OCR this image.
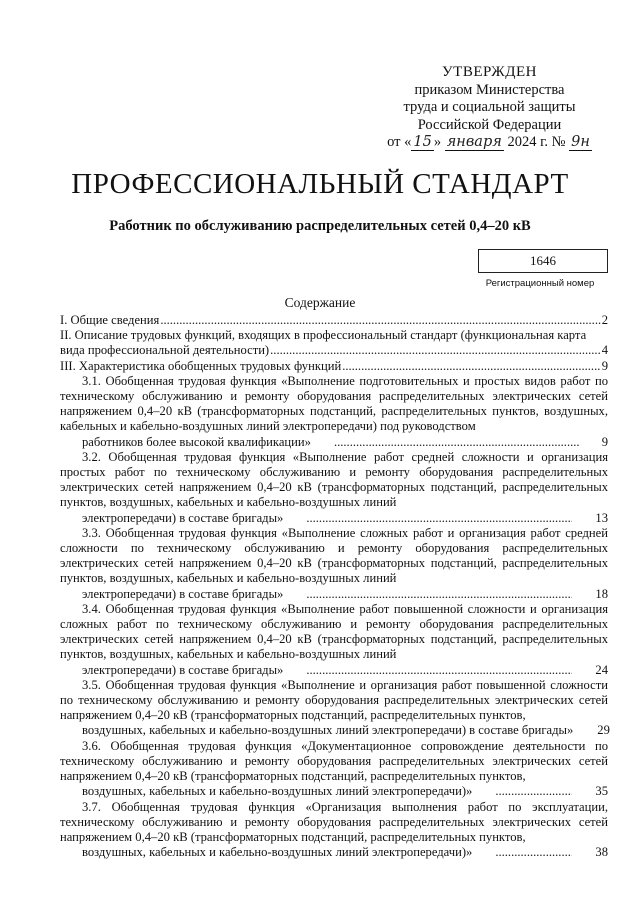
УТВЕРЖДЕН
приказом Министерства
труда и социальной защиты
Российской Федерации
от « 15 » января 2024 г. № 9н
ПРОФЕССИОНАЛЬНЫЙ СТАНДАРТ
Работник по обслуживанию распределительных сетей 0,4–20 кВ
1646
Регистрационный номер
Содержание
I. Общие сведения .....	2
II. Описание трудовых функций, входящих в профессиональный стандарт (функциональная карта
вида профессиональной деятельности) .....	4
III. Характеристика обобщенных трудовых функций .....	9
3.1. Обобщенная трудовая функция «Выполнение подготовительных и простых видов работ по техническому обслуживанию и ремонту оборудования распределительных электрических сетей напряжением 0,4–20 кВ (трансформаторных подстанций, распределительных пунктов, воздушных, кабельных и кабельно-воздушных линий электропередачи) под руководством
работников более высокой квалификации» .....	9
3.2. Обобщенная трудовая функция «Выполнение работ средней сложности и организация простых работ по техническому обслуживанию и ремонту оборудования распределительных электрических сетей напряжением 0,4–20 кВ (трансформаторных подстанций, распределительных пунктов, воздушных, кабельных и кабельно-воздушных линий
электропередачи) в составе бригады» .....	13
3.3. Обобщенная трудовая функция «Выполнение сложных работ и организация работ средней сложности по техническому обслуживанию и ремонту оборудования распределительных электрических сетей напряжением 0,4–20 кВ (трансформаторных подстанций, распределительных пунктов, воздушных, кабельных и кабельно-воздушных линий
электропередачи) в составе бригады» .....	18
3.4. Обобщенная трудовая функция «Выполнение работ повышенной сложности и организация сложных работ по техническому обслуживанию и ремонту оборудования распределительных электрических сетей напряжением 0,4–20 кВ (трансформаторных подстанций, распределительных пунктов, воздушных, кабельных и кабельно-воздушных линий
электропередачи) в составе бригады» .....	24
3.5. Обобщенная трудовая функция «Выполнение и организация работ повышенной сложности по техническому обслуживанию и ремонту оборудования распределительных электрических сетей напряжением 0,4–20 кВ (трансформаторных подстанций, распределительных пунктов,
воздушных, кабельных и кабельно-воздушных линий электропередачи) в составе бригады»	29
3.6. Обобщенная трудовая функция «Документационное сопровождение деятельности по техническому обслуживанию и ремонту оборудования распределительных электрических сетей напряжением 0,4–20 кВ (трансформаторных подстанций, распределительных пунктов,
воздушных, кабельных и кабельно-воздушных линий электропередачи)» .....	35
3.7. Обобщенная трудовая функция «Организация выполнения работ по эксплуатации, техническому обслуживанию и ремонту оборудования распределительных электрических сетей напряжением 0,4–20 кВ (трансформаторных подстанций, распределительных пунктов,
воздушных, кабельных и кабельно-воздушных линий электропередачи)» .....	38
